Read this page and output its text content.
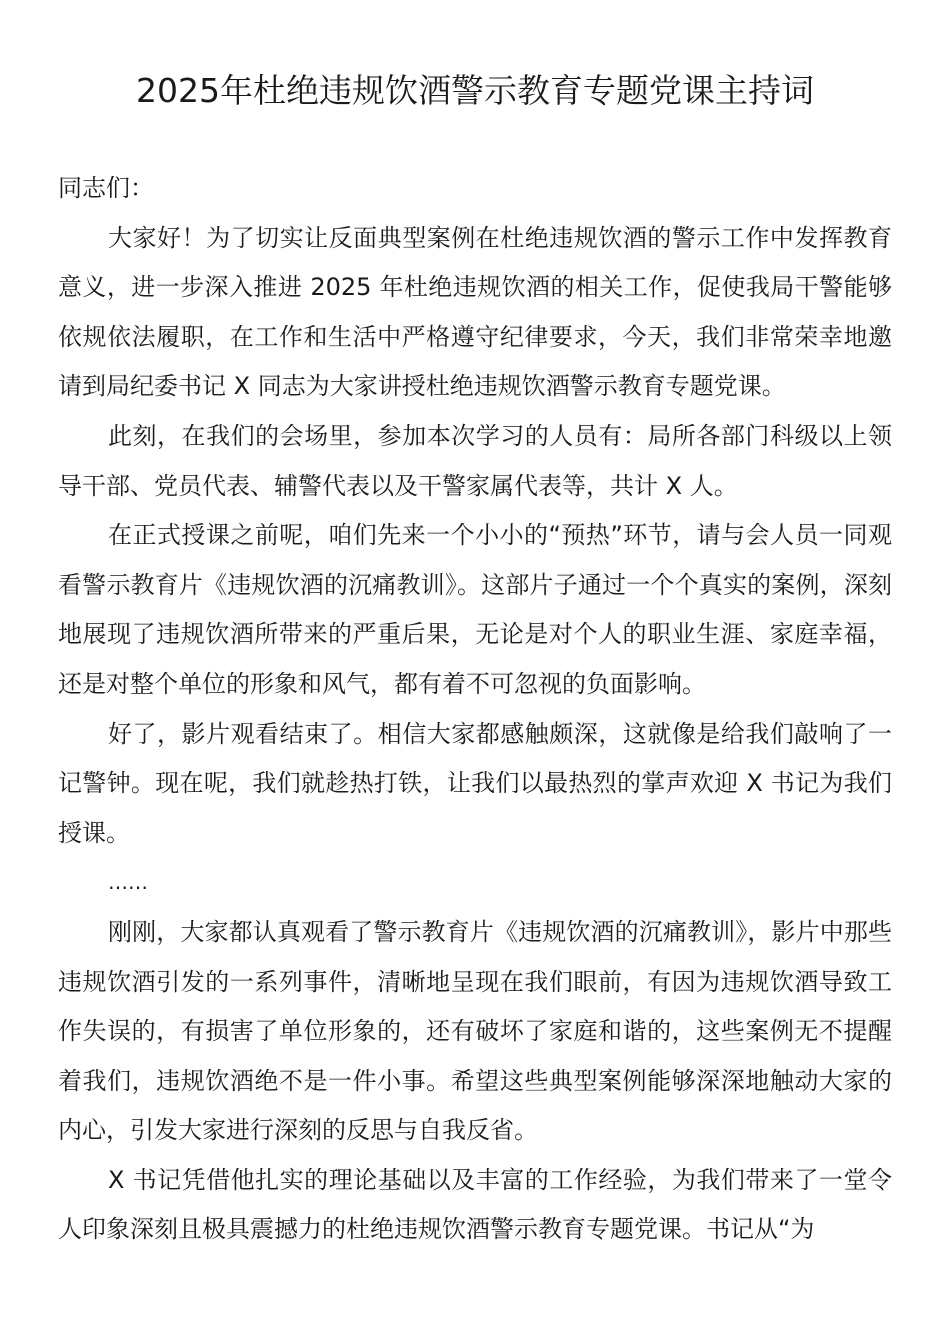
2025年杜绝违规饮酒警示教育专题党课主持词

同志们：

大家好！为了切实让反面典型案例在杜绝违规饮酒的警示工作中发挥教育意义，进一步深入推进 2025 年杜绝违规饮酒的相关工作，促使我局干警能够依规依法履职，在工作和生活中严格遵守纪律要求，今天，我们非常荣幸地邀请到局纪委书记 X 同志为大家讲授杜绝违规饮酒警示教育专题党课。

此刻，在我们的会场里，参加本次学习的人员有：局所各部门科级以上领导干部、党员代表、辅警代表以及干警家属代表等，共计 X 人。

在正式授课之前呢，咱们先来一个小小的“预热”环节，请与会人员一同观看警示教育片《违规饮酒的沉痛教训》。这部片子通过一个个真实的案例，深刻地展现了违规饮酒所带来的严重后果，无论是对个人的职业生涯、家庭幸福，还是对整个单位的形象和风气，都有着不可忽视的负面影响。

好了，影片观看结束了。相信大家都感触颇深，这就像是给我们敲响了一记警钟。现在呢，我们就趁热打铁，让我们以最热烈的掌声欢迎 X 书记为我们授课。

……

刚刚，大家都认真观看了警示教育片《违规饮酒的沉痛教训》，影片中那些违规饮酒引发的一系列事件，清晰地呈现在我们眼前，有因为违规饮酒导致工作失误的，有损害了单位形象的，还有破坏了家庭和谐的，这些案例无不提醒着我们，违规饮酒绝不是一件小事。希望这些典型案例能够深深地触动大家的内心，引发大家进行深刻的反思与自我反省。

X 书记凭借他扎实的理论基础以及丰富的工作经验，为我们带来了一堂令人印象深刻且极具震撼力的杜绝违规饮酒警示教育专题党课。书记从“为
